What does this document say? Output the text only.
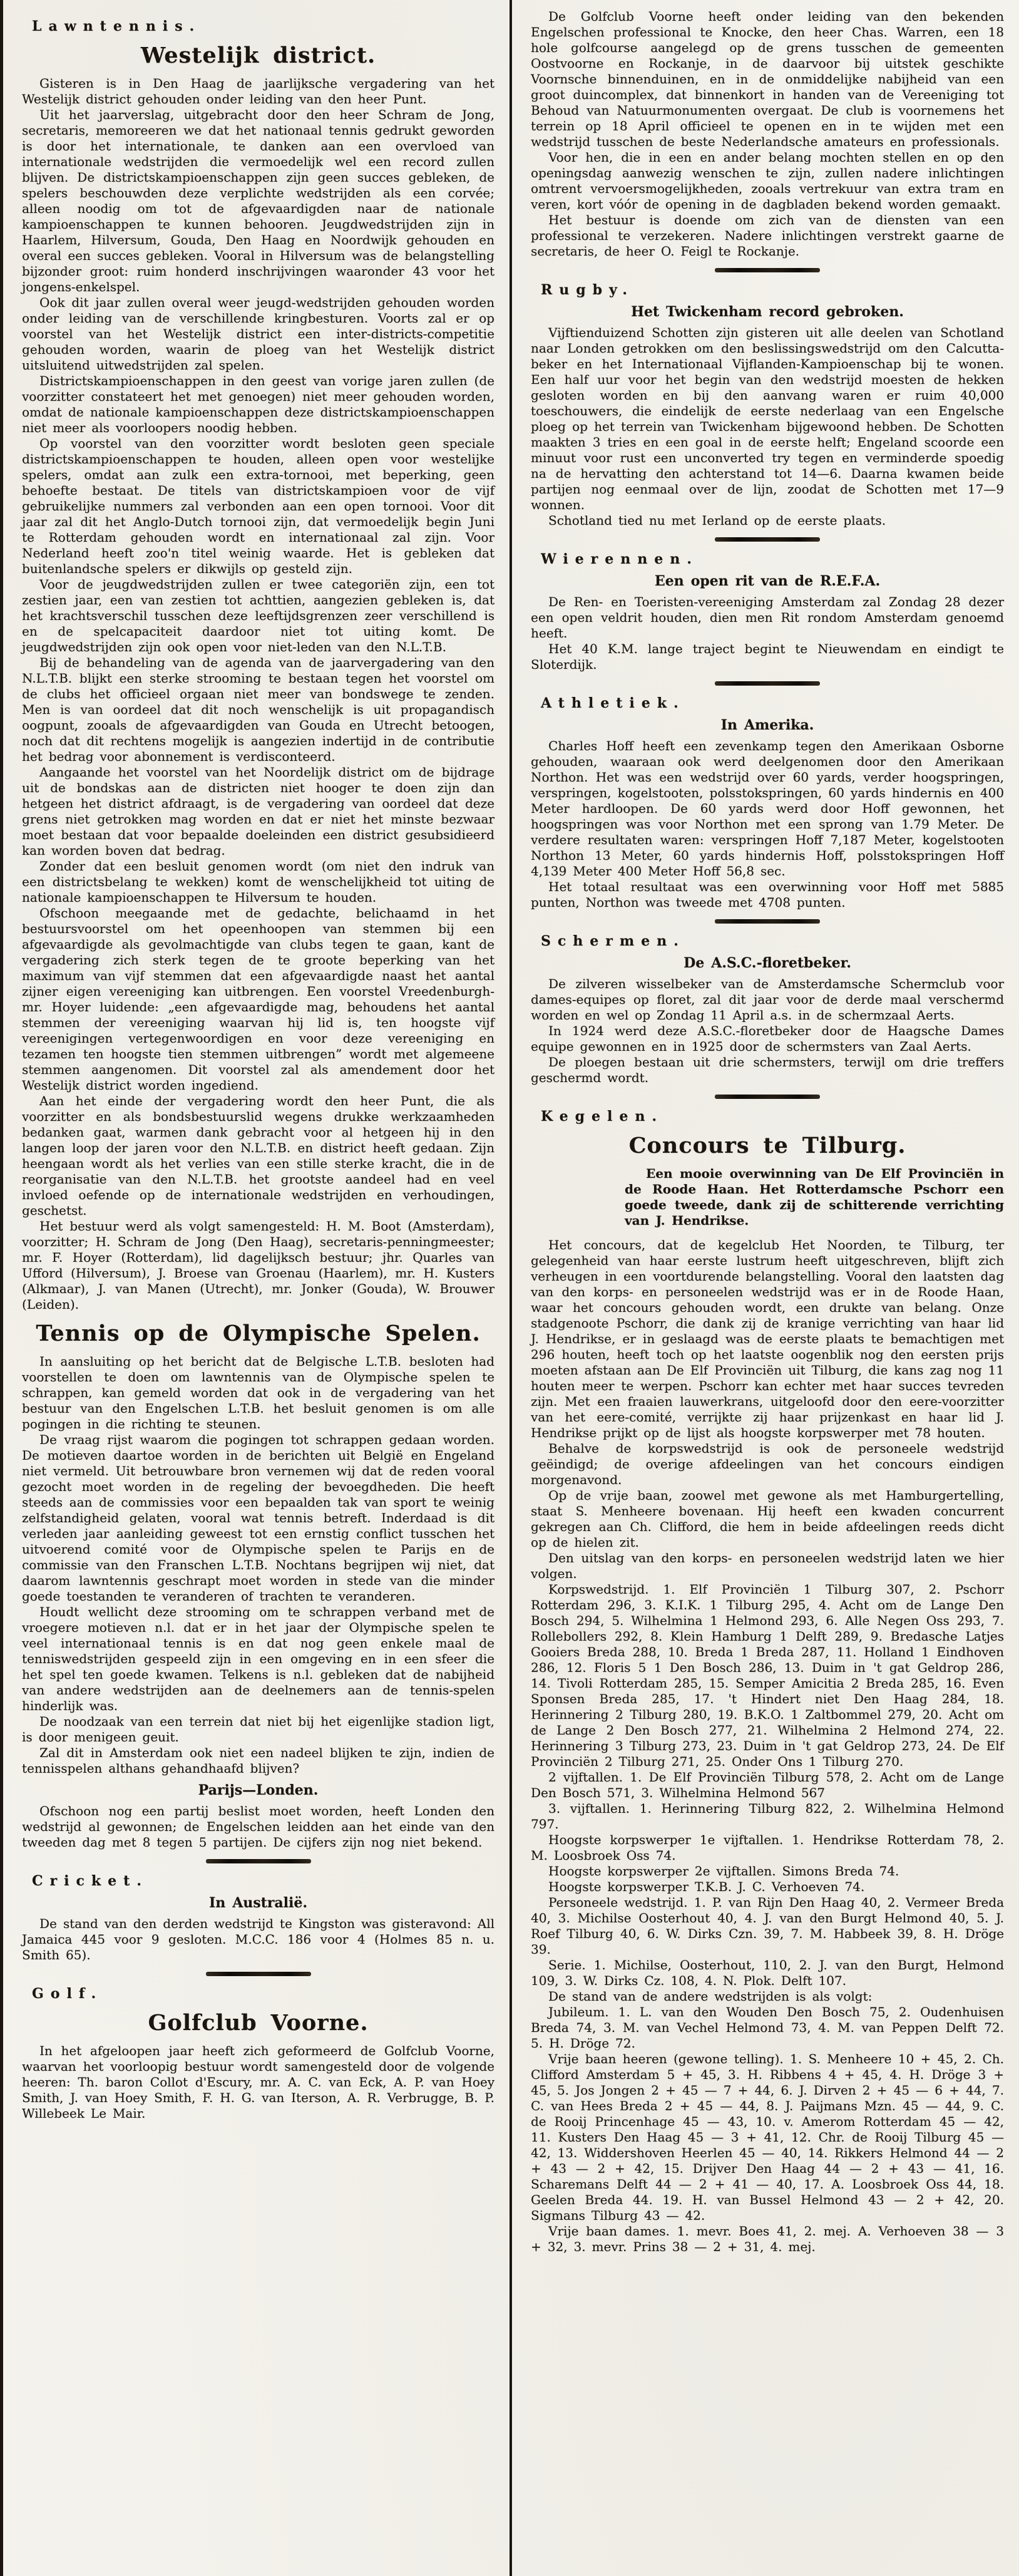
Lawntennis.
Westelijk district.
Gisteren is in Den Haag de jaarlijksche vergadering van het Westelijk district gehouden onder leiding van den heer Punt.
Uit het jaarverslag, uitgebracht door den heer Schram de Jong, secretaris, memoreeren we dat het nationaal tennis gedrukt geworden is door het internationale, te danken aan een overvloed van internationale wedstrijden die vermoedelijk wel een record zullen blijven. De districtskampioenschappen zijn geen succes gebleken, de spelers beschouwden deze verplichte wedstrijden als een corvée; alleen noodig om tot de afgevaardigden naar de nationale kampioenschappen te kunnen behooren. Jeugdwedstrijden zijn in Haarlem, Hilversum, Gouda, Den Haag en Noordwijk gehouden en overal een succes gebleken. Vooral in Hilversum was de belangstelling bijzonder groot: ruim honderd inschrijvingen waaronder 43 voor het jongens-enkelspel.
Ook dit jaar zullen overal weer jeugd-wedstrijden gehouden worden onder leiding van de verschillende kringbesturen. Voorts zal er op voorstel van het Westelijk district een inter-districts-competitie gehouden worden, waarin de ploeg van het Westelijk district uitsluitend uitwedstrijden zal spelen.
Districtskampioenschappen in den geest van vorige jaren zullen (de voorzitter constateert het met genoegen) niet meer gehouden worden, omdat de nationale kampioenschappen deze districtskampioenschappen niet meer als voorloopers noodig hebben.
Op voorstel van den voorzitter wordt besloten geen speciale districtskampioenschappen te houden, alleen open voor westelijke spelers, omdat aan zulk een extra-tornooi, met beperking, geen behoefte bestaat. De titels van districtskampioen voor de vijf gebruikelijke nummers zal verbonden aan een open tornooi. Voor dit jaar zal dit het Anglo-Dutch tornooi zijn, dat vermoedelijk begin Juni te Rotterdam gehouden wordt en internationaal zal zijn. Voor Nederland heeft zoo'n titel weinig waarde. Het is gebleken dat buitenlandsche spelers er dikwijls op gesteld zijn.
Voor de jeugdwedstrijden zullen er twee categoriën zijn, een tot zestien jaar, een van zestien tot achttien, aangezien gebleken is, dat het krachtsverschil tusschen deze leeftijdsgrenzen zeer verschillend is en de spelcapaciteit daardoor niet tot uiting komt. De jeugdwedstrijden zijn ook open voor niet-leden van den N.L.T.B.
Bij de behandeling van de agenda van de jaarvergadering van den N.L.T.B. blijkt een sterke strooming te bestaan tegen het voorstel om de clubs het officieel orgaan niet meer van bondswege te zenden. Men is van oordeel dat dit noch wenschelijk is uit propagandisch oogpunt, zooals de afgevaardigden van Gouda en Utrecht betoogen, noch dat dit rechtens mogelijk is aangezien indertijd in de contributie het bedrag voor abonnement is verdisconteerd.
Aangaande het voorstel van het Noordelijk district om de bijdrage uit de bondskas aan de districten niet hooger te doen zijn dan hetgeen het district afdraagt, is de vergadering van oordeel dat deze grens niet getrokken mag worden en dat er niet het minste bezwaar moet bestaan dat voor bepaalde doeleinden een district gesubsidieerd kan worden boven dat bedrag.
Zonder dat een besluit genomen wordt (om niet den indruk van een districtsbelang te wekken) komt de wenschelijkheid tot uiting de nationale kampioenschappen te Hilversum te houden.
Ofschoon meegaande met de gedachte, belichaamd in het bestuursvoorstel om het opeenhoopen van stemmen bij een afgevaardigde als gevolmachtigde van clubs tegen te gaan, kant de vergadering zich sterk tegen de te groote beperking van het maximum van vijf stemmen dat een afgevaardigde naast het aantal zijner eigen vereeniging kan uitbrengen. Een voorstel Vreedenburgh-mr. Hoyer luidende: „een afgevaardigde mag, behoudens het aantal stemmen der vereeniging waarvan hij lid is, ten hoogste vijf vereenigingen vertegenwoordigen en voor deze vereeniging en tezamen ten hoogste tien stemmen uitbrengen” wordt met algemeene stemmen aangenomen. Dit voorstel zal als amendement door het Westelijk district worden ingediend.
Aan het einde der vergadering wordt den heer Punt, die als voorzitter en als bondsbestuurslid wegens drukke werkzaamheden bedanken gaat, warmen dank gebracht voor al hetgeen hij in den langen loop der jaren voor den N.L.T.B. en district heeft gedaan. Zijn heengaan wordt als het verlies van een stille sterke kracht, die in de reorganisatie van den N.L.T.B. het grootste aandeel had en veel invloed oefende op de internationale wedstrijden en verhoudingen, geschetst.
Het bestuur werd als volgt samengesteld: H. M. Boot (Amsterdam), voorzitter; H. Schram de Jong (Den Haag), secretaris-penningmeester; mr. F. Hoyer (Rotterdam), lid dagelijksch bestuur; jhr. Quarles van Ufford (Hilversum), J. Broese van Groenau (Haarlem), mr. H. Kusters (Alkmaar), J. van Manen (Utrecht), mr. Jonker (Gouda), W. Brouwer (Leiden).
Tennis op de Olympische Spelen.
In aansluiting op het bericht dat de Belgische L.T.B. besloten had voorstellen te doen om lawntennis van de Olympische spelen te schrappen, kan gemeld worden dat ook in de vergadering van het bestuur van den Engelschen L.T.B. het besluit genomen is om alle pogingen in die richting te steunen.
De vraag rijst waarom die pogingen tot schrappen gedaan worden. De motieven daartoe worden in de berichten uit België en Engeland niet vermeld. Uit betrouwbare bron vernemen wij dat de reden vooral gezocht moet worden in de regeling der bevoegdheden. Die heeft steeds aan de commissies voor een bepaalden tak van sport te weinig zelfstandigheid gelaten, vooral wat tennis betreft. Inderdaad is dit verleden jaar aanleiding geweest tot een ernstig conflict tusschen het uitvoerend comité voor de Olympische spelen te Parijs en de commissie van den Franschen L.T.B. Nochtans begrijpen wij niet, dat daarom lawntennis geschrapt moet worden in stede van die minder goede toestanden te veranderen of trachten te veranderen.
Houdt wellicht deze strooming om te schrappen verband met de vroegere motieven n.l. dat er in het jaar der Olympische spelen te veel internationaal tennis is en dat nog geen enkele maal de tenniswedstrijden gespeeld zijn in een omgeving en in een sfeer die het spel ten goede kwamen. Telkens is n.l. gebleken dat de nabijheid van andere wedstrijden aan de deelnemers aan de tennis-spelen hinderlijk was.
De noodzaak van een terrein dat niet bij het eigenlijke stadion ligt, is door menigeen geuit.
Zal dit in Amsterdam ook niet een nadeel blijken te zijn, indien de tennisspelen althans gehandhaafd blijven?
Parijs—Londen.
Ofschoon nog een partij beslist moet worden, heeft Londen den wedstrijd al gewonnen; de Engelschen leidden aan het einde van den tweeden dag met 8 tegen 5 partijen. De cijfers zijn nog niet bekend.
Cricket.
In Australië.
De stand van den derden wedstrijd te Kingston was gisteravond: All Jamaica 445 voor 9 gesloten. M.C.C. 186 voor 4 (Holmes 85 n. u. Smith 65).
Golf.
Golfclub Voorne.
In het afgeloopen jaar heeft zich geformeerd de Golfclub Voorne, waarvan het voorloopig bestuur wordt samengesteld door de volgende heeren: Th. baron Collot d'Escury, mr. A. C. van Eck, A. P. van Hoey Smith, J. van Hoey Smith, F. H. G. van Iterson, A. R. Verbrugge, B. P. Willebeek Le Mair.
De Golfclub Voorne heeft onder leiding van den bekenden Engelschen professional te Knocke, den heer Chas. Warren, een 18 hole golfcourse aangelegd op de grens tusschen de gemeenten Oostvoorne en Rockanje, in de daarvoor bij uitstek geschikte Voornsche binnenduinen, en in de onmiddelijke nabijheid van een groot duincomplex, dat binnenkort in handen van de Vereeniging tot Behoud van Natuurmonumenten overgaat. De club is voornemens het terrein op 18 April officieel te openen en in te wijden met een wedstrijd tusschen de beste Nederlandsche amateurs en professionals.
Voor hen, die in een en ander belang mochten stellen en op den openingsdag aanwezig wenschen te zijn, zullen nadere inlichtingen omtrent vervoersmogelijkheden, zooals vertrekuur van extra tram en veren, kort vóór de opening in de dagbladen bekend worden gemaakt.
Het bestuur is doende om zich van de diensten van een professional te verzekeren. Nadere inlichtingen verstrekt gaarne de secretaris, de heer O. Feigl te Rockanje.
Rugby.
Het Twickenham record gebroken.
Vijftienduizend Schotten zijn gisteren uit alle deelen van Schotland naar Londen getrokken om den beslissingswedstrijd om den Calcutta-beker en het Internationaal Vijflanden-Kampioenschap bij te wonen. Een half uur voor het begin van den wedstrijd moesten de hekken gesloten worden en bij den aanvang waren er ruim 40,000 toeschouwers, die eindelijk de eerste nederlaag van een Engelsche ploeg op het terrein van Twickenham bijgewoond hebben. De Schotten maakten 3 tries en een goal in de eerste helft; Engeland scoorde een minuut voor rust een unconverted try tegen en verminderde spoedig na de hervatting den achterstand tot 14—6. Daarna kwamen beide partijen nog eenmaal over de lijn, zoodat de Schotten met 17—9 wonnen.
Schotland tied nu met Ierland op de eerste plaats.
Wierennen.
Een open rit van de R.E.F.A.
De Ren- en Toeristen-vereeniging Amsterdam zal Zondag 28 dezer een open veldrit houden, dien men Rit rondom Amsterdam genoemd heeft.
Het 40 K.M. lange traject begint te Nieuwendam en eindigt te Sloterdijk.
Athletiek.
In Amerika.
Charles Hoff heeft een zevenkamp tegen den Amerikaan Osborne gehouden, waaraan ook werd deelgenomen door den Amerikaan Northon. Het was een wedstrijd over 60 yards, verder hoogspringen, verspringen, kogelstooten, polsstokspringen, 60 yards hindernis en 400 Meter hardloopen. De 60 yards werd door Hoff gewonnen, het hoogspringen was voor Northon met een sprong van 1.79 Meter. De verdere resultaten waren: verspringen Hoff 7,187 Meter, kogelstooten Northon 13 Meter, 60 yards hindernis Hoff, polsstokspringen Hoff 4,139 Meter 400 Meter Hoff 56,8 sec.
Het totaal resultaat was een overwinning voor Hoff met 5885 punten, Northon was tweede met 4708 punten.
Schermen.
De A.S.C.-floretbeker.
De zilveren wisselbeker van de Amsterdamsche Schermclub voor dames-equipes op floret, zal dit jaar voor de derde maal verschermd worden en wel op Zondag 11 April a.s. in de schermzaal Aerts.
In 1924 werd deze A.S.C.-floretbeker door de Haagsche Dames equipe gewonnen en in 1925 door de schermsters van Zaal Aerts.
De ploegen bestaan uit drie schermsters, terwijl om drie treffers geschermd wordt.
Kegelen.
Concours te Tilburg.
Een mooie overwinning van De Elf Provinciën in de Roode Haan. Het Rotterdamsche Pschorr een goede tweede, dank zij de schitterende verrichting van J. Hendrikse.
Het concours, dat de kegelclub Het Noorden, te Tilburg, ter gelegenheid van haar eerste lustrum heeft uitgeschreven, blijft zich verheugen in een voortdurende belangstelling. Vooral den laatsten dag van den korps- en personeelen wedstrijd was er in de Roode Haan, waar het concours gehouden wordt, een drukte van belang. Onze stadgenoote Pschorr, die dank zij de kranige verrichting van haar lid J. Hendrikse, er in geslaagd was de eerste plaats te bemachtigen met 296 houten, heeft toch op het laatste oogenblik nog den eersten prijs moeten afstaan aan De Elf Provinciën uit Tilburg, die kans zag nog 11 houten meer te werpen. Pschorr kan echter met haar succes tevreden zijn. Met een fraaien lauwerkrans, uitgeloofd door den eere-voorzitter van het eere-comité, verrijkte zij haar prijzenkast en haar lid J. Hendrikse prijkt op de lijst als hoogste korpswerper met 78 houten.
Behalve de korpswedstrijd is ook de personeele wedstrijd geëindigd; de overige afdeelingen van het concours eindigen morgenavond.
Op de vrije baan, zoowel met gewone als met Hamburgertelling, staat S. Menheere bovenaan. Hij heeft een kwaden concurrent gekregen aan Ch. Clifford, die hem in beide afdeelingen reeds dicht op de hielen zit.
Den uitslag van den korps- en personeelen wedstrijd laten we hier volgen.
Korpswedstrijd. 1. Elf Provinciën 1 Tilburg 307, 2. Pschorr Rotterdam 296, 3. K.I.K. 1 Tilburg 295, 4. Acht om de Lange Den Bosch 294, 5. Wilhelmina 1 Helmond 293, 6. Alle Negen Oss 293, 7. Rollebollers 292, 8. Klein Hamburg 1 Delft 289, 9. Bredasche Latjes Gooiers Breda 288, 10. Breda 1 Breda 287, 11. Holland 1 Eindhoven 286, 12. Floris 5 1 Den Bosch 286, 13. Duim in 't gat Geldrop 286, 14. Tivoli Rotterdam 285, 15. Semper Amicitia 2 Breda 285, 16. Even Sponsen Breda 285, 17. 't Hindert niet Den Haag 284, 18. Herinnering 2 Tilburg 280, 19. B.K.O. 1 Zaltbommel 279, 20. Acht om de Lange 2 Den Bosch 277, 21. Wilhelmina 2 Helmond 274, 22. Herinnering 3 Tilburg 273, 23. Duim in 't gat Geldrop 273, 24. De Elf Provinciën 2 Tilburg 271, 25. Onder Ons 1 Tilburg 270.
2 vijftallen. 1. De Elf Provinciën Tilburg 578, 2. Acht om de Lange Den Bosch 571, 3. Wilhelmina Helmond 567
3. vijftallen. 1. Herinnering Tilburg 822, 2. Wilhelmina Helmond 797.
Hoogste korpswerper 1e vijftallen. 1. Hendrikse Rotterdam 78, 2. M. Loosbroek Oss 74.
Hoogste korpswerper 2e vijftallen. Simons Breda 74.
Hoogste korpswerper T.K.B. J. C. Verhoeven 74.
Personeele wedstrijd. 1. P. van Rijn Den Haag 40, 2. Vermeer Breda 40, 3. Michilse Oosterhout 40, 4. J. van den Burgt Helmond 40, 5. J. Roef Tilburg 40, 6. W. Dirks Czn. 39, 7. M. Habbeek 39, 8. H. Dröge 39.
Serie. 1. Michilse, Oosterhout, 110, 2. J. van den Burgt, Helmond 109, 3. W. Dirks Cz. 108, 4. N. Plok. Delft 107.
De stand van de andere wedstrijden is als volgt:
Jubileum. 1. L. van den Wouden Den Bosch 75, 2. Oudenhuisen Breda 74, 3. M. van Vechel Helmond 73, 4. M. van Peppen Delft 72. 5. H. Dröge 72.
Vrije baan heeren (gewone telling). 1. S. Menheere 10 + 45, 2. Ch. Clifford Amsterdam 5 + 45, 3. H. Ribbens 4 + 45, 4. H. Dröge 3 + 45, 5. Jos Jongen 2 + 45 — 7 + 44, 6. J. Dirven 2 + 45 — 6 + 44, 7. C. van Hees Breda 2 + 45 — 44, 8. J. Paijmans Mzn. 45 — 44, 9. C. de Rooij Princenhage 45 — 43, 10. v. Amerom Rotterdam 45 — 42, 11. Kusters Den Haag 45 — 3 + 41, 12. Chr. de Rooij Tilburg 45 — 42, 13. Widdershoven Heerlen 45 — 40, 14. Rikkers Helmond 44 — 2 + 43 — 2 + 42, 15. Drijver Den Haag 44 — 2 + 43 — 41, 16. Scharemans Delft 44 — 2 + 41 — 40, 17. A. Loosbroek Oss 44, 18. Geelen Breda 44. 19. H. van Bussel Helmond 43 — 2 + 42, 20. Sigmans Tilburg 43 — 42.
Vrije baan dames. 1. mevr. Boes 41, 2. mej. A. Verhoeven 38 — 3 + 32, 3. mevr. Prins 38 — 2 + 31, 4. mej.
